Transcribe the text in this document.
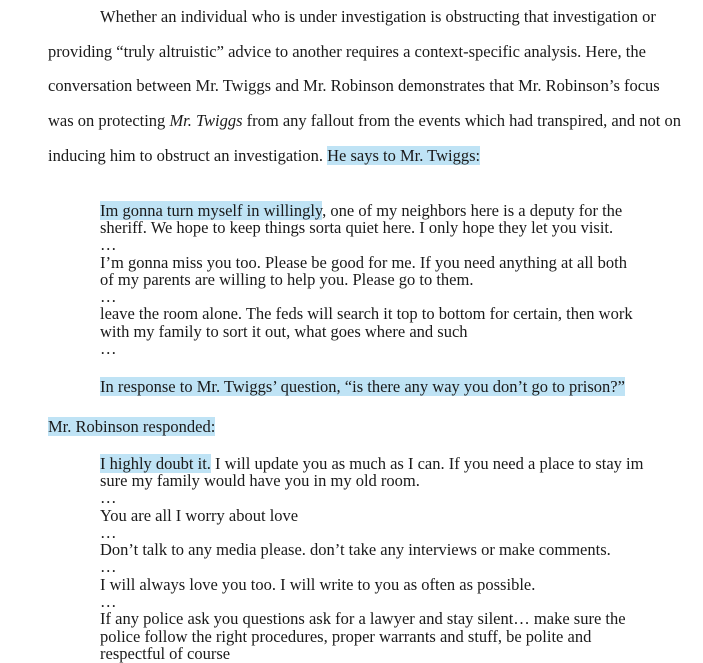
Whether an individual who is under investigation is obstructing that investigation or
providing “truly altruistic” advice to another requires a context-specific analysis. Here, the
conversation between Mr. Twiggs and Mr. Robinson demonstrates that Mr. Robinson’s focus
was on protecting Mr. Twiggs from any fallout from the events which had transpired, and not on
inducing him to obstruct an investigation. He says to Mr. Twiggs:
Im gonna turn myself in willingly, one of my neighbors here is a deputy for the
sheriff. We hope to keep things sorta quiet here. I only hope they let you visit.
…
I’m gonna miss you too. Please be good for me. If you need anything at all both
of my parents are willing to help you. Please go to them.
…
leave the room alone. The feds will search it top to bottom for certain, then work
with my family to sort it out, what goes where and such
…
In response to Mr. Twiggs’ question, “is there any way you don’t go to prison?”
Mr. Robinson responded:
I highly doubt it. I will update you as much as I can. If you need a place to stay im
sure my family would have you in my old room.
…
You are all I worry about love
…
Don’t talk to any media please. don’t take any interviews or make comments.
…
I will always love you too. I will write to you as often as possible.
…
If any police ask you questions ask for a lawyer and stay silent… make sure the
police follow the right procedures, proper warrants and stuff, be polite and
respectful of course
